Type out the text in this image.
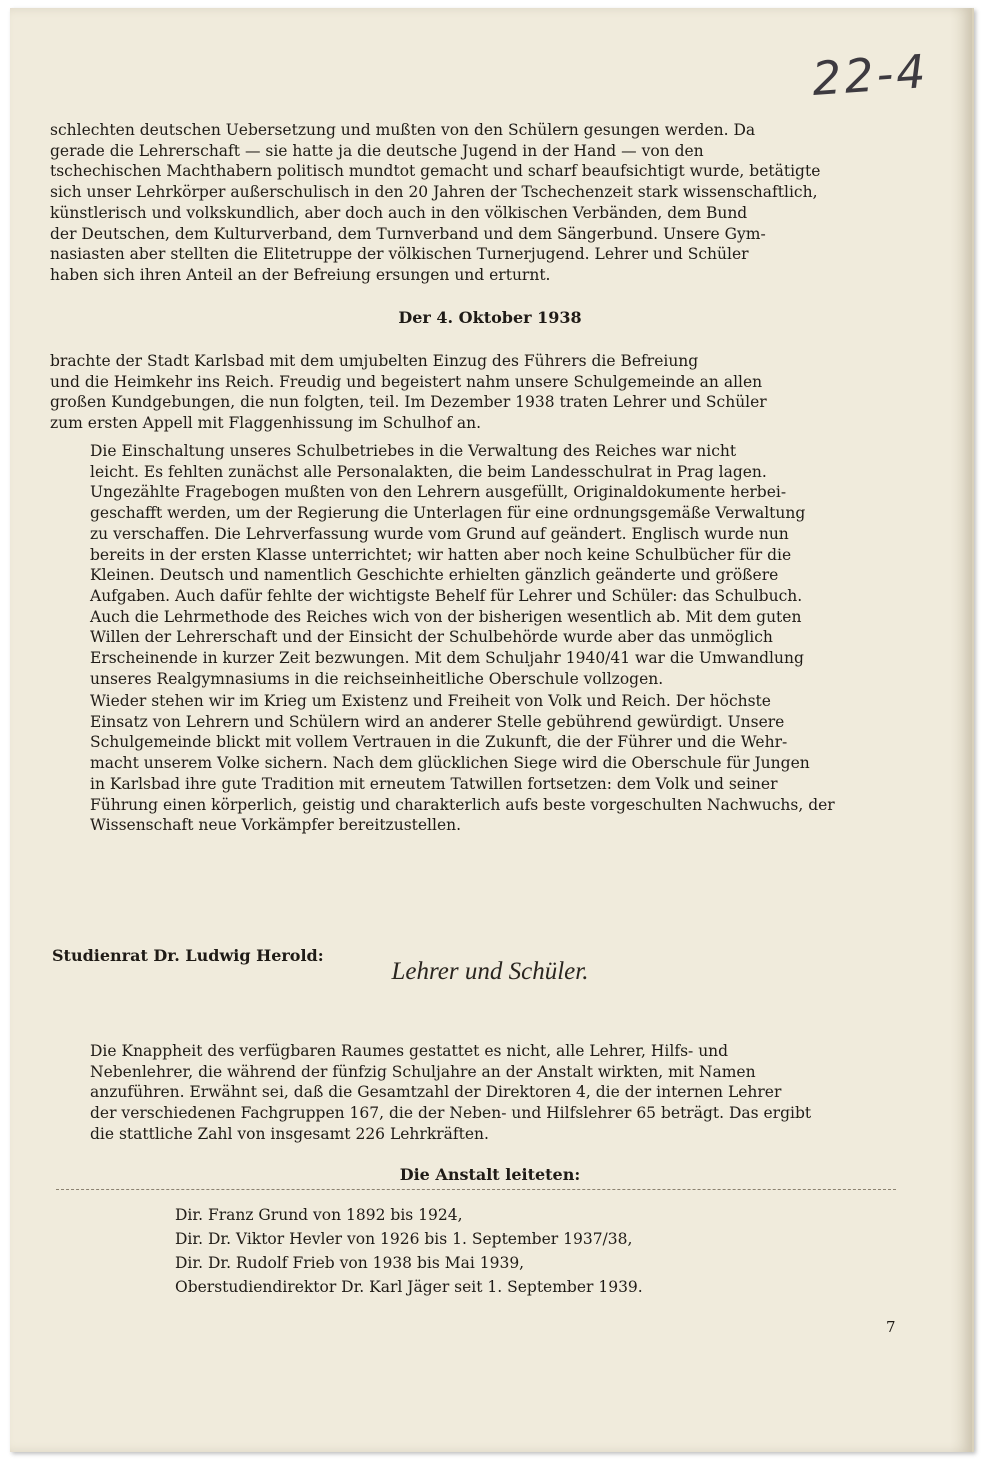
22-4
schlechten deutschen Uebersetzung und mußten von den Schülern gesungen werden. Da
gerade die Lehrerschaft — sie hatte ja die deutsche Jugend in der Hand — von den
tschechischen Machthabern politisch mundtot gemacht und scharf beaufsichtigt wurde, betätigte
sich unser Lehrkörper außerschulisch in den 20 Jahren der Tschechenzeit stark wissenschaftlich,
künstlerisch und volkskundlich, aber doch auch in den völkischen Verbänden, dem Bund
der Deutschen, dem Kulturverband, dem Turnverband und dem Sängerbund. Unsere Gym-
nasiasten aber stellten die Elitetruppe der völkischen Turnerjugend. Lehrer und Schüler
haben sich ihren Anteil an der Befreiung ersungen und erturnt.
Der 4. Oktober 1938
brachte der Stadt Karlsbad mit dem umjubelten Einzug des Führers die Befreiung
und die Heimkehr ins Reich. Freudig und begeistert nahm unsere Schulgemeinde an allen
großen Kundgebungen, die nun folgten, teil. Im Dezember 1938 traten Lehrer und Schüler
zum ersten Appell mit Flaggenhissung im Schulhof an.
Die Einschaltung unseres Schulbetriebes in die Verwaltung des Reiches war nicht
leicht. Es fehlten zunächst alle Personalakten, die beim Landesschulrat in Prag lagen.
Ungezählte Fragebogen mußten von den Lehrern ausgefüllt, Originaldokumente herbei-
geschafft werden, um der Regierung die Unterlagen für eine ordnungsgemäße Verwaltung
zu verschaffen. Die Lehrverfassung wurde vom Grund auf geändert. Englisch wurde nun
bereits in der ersten Klasse unterrichtet; wir hatten aber noch keine Schulbücher für die
Kleinen. Deutsch und namentlich Geschichte erhielten gänzlich geänderte und größere
Aufgaben. Auch dafür fehlte der wichtigste Behelf für Lehrer und Schüler: das Schulbuch.
Auch die Lehrmethode des Reiches wich von der bisherigen wesentlich ab. Mit dem guten
Willen der Lehrerschaft und der Einsicht der Schulbehörde wurde aber das unmöglich
Erscheinende in kurzer Zeit bezwungen. Mit dem Schuljahr 1940/41 war die Umwandlung
unseres Realgymnasiums in die reichseinheitliche Oberschule vollzogen.
Wieder stehen wir im Krieg um Existenz und Freiheit von Volk und Reich. Der höchste
Einsatz von Lehrern und Schülern wird an anderer Stelle gebührend gewürdigt. Unsere
Schulgemeinde blickt mit vollem Vertrauen in die Zukunft, die der Führer und die Wehr-
macht unserem Volke sichern. Nach dem glücklichen Siege wird die Oberschule für Jungen
in Karlsbad ihre gute Tradition mit erneutem Tatwillen fortsetzen: dem Volk und seiner
Führung einen körperlich, geistig und charakterlich aufs beste vorgeschulten Nachwuchs, der
Wissenschaft neue Vorkämpfer bereitzustellen.
Studienrat Dr. Ludwig Herold:
Lehrer und Schüler.
Die Knappheit des verfügbaren Raumes gestattet es nicht, alle Lehrer, Hilfs- und
Nebenlehrer, die während der fünfzig Schuljahre an der Anstalt wirkten, mit Namen
anzuführen. Erwähnt sei, daß die Gesamtzahl der Direktoren 4, die der internen Lehrer
der verschiedenen Fachgruppen 167, die der Neben- und Hilfslehrer 65 beträgt. Das ergibt
die stattliche Zahl von insgesamt 226 Lehrkräften.
Die Anstalt leiteten:
Dir. Franz Grund von 1892 bis 1924,
Dir. Dr. Viktor Hevler von 1926 bis 1. September 1937/38,
Dir. Dr. Rudolf Frieb von 1938 bis Mai 1939,
Oberstudiendirektor Dr. Karl Jäger seit 1. September 1939.
7
